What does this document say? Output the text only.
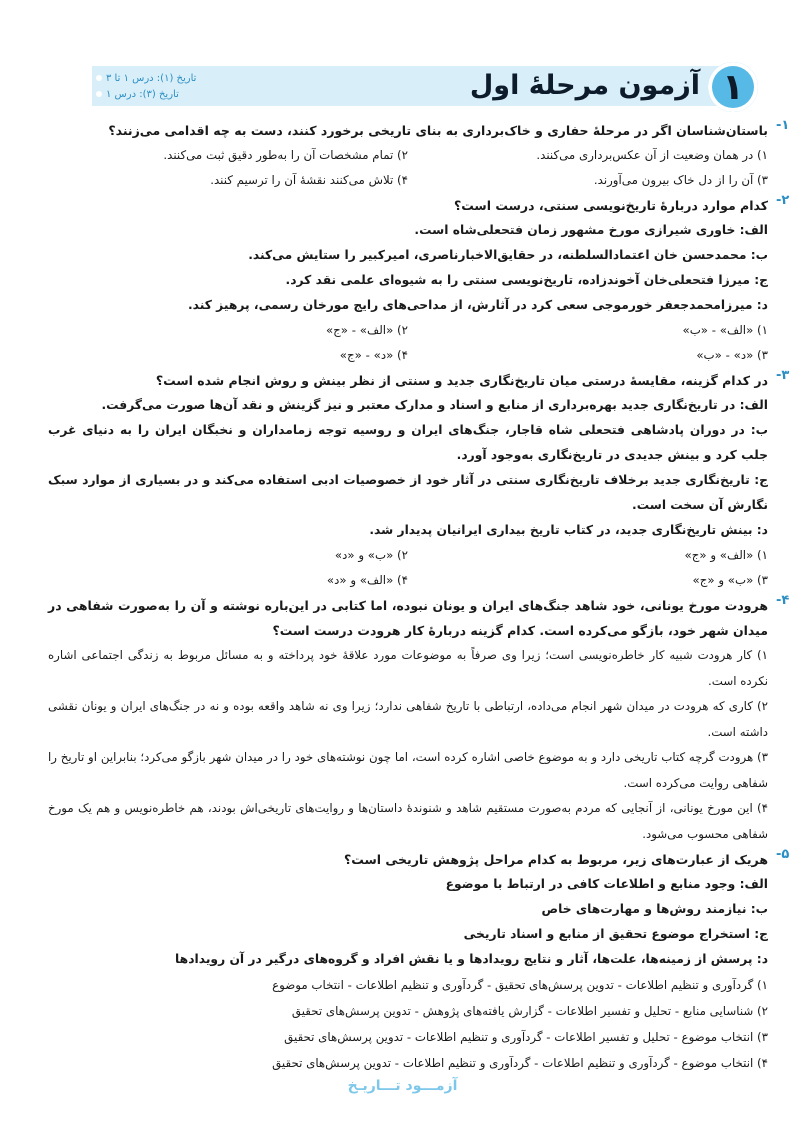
آزمون مرحلهٔ اول ۱
تاریخ (۱): درس ۱ تا ۳
تاریخ (۳): درس ۱
-۱
باستان‌شناسان اگر در مرحلهٔ حفاری و خاک‌برداری به بنای تاریخی برخورد کنند، دست به چه اقدامی می‌زنند؟
۱) در همان وضعیت از آن عکس‌برداری می‌کنند.
۲) تمام مشخصات آن را به‌طور دقیق ثبت می‌کنند.
۳) آن را از دل خاک بیرون می‌آورند.
۴) تلاش می‌کنند نقشهٔ آن را ترسیم کنند.
-۲
کدام موارد دربارهٔ تاریخ‌نویسی سنتی، درست است؟
الف: خاوری شیرازی مورخ مشهور زمان فتحعلی‌شاه است.
ب: محمدحسن خان اعتمادالسلطنه، در حقایق‌الاخبارناصری، امیرکبیر را ستایش می‌کند.
ج: میرزا فتحعلی‌خان آخوندزاده، تاریخ‌نویسی سنتی را به شیوه‌ای علمی نقد کرد.
د: میرزامحمدجعفر خورموجی سعی کرد در آثارش، از مداحی‌های رایج مورخان رسمی، پرهیز کند.
۱) «الف» - «ب»
۲) «الف» - «ج»
۳) «د» - «ب»
۴) «د» - «ج»
-۳
در کدام گزینه، مقایسهٔ درستی میان تاریخ‌نگاری جدید و سنتی از نظر بینش و روش انجام شده است؟
الف: در تاریخ‌نگاری جدید بهره‌برداری از منابع و اسناد و مدارک معتبر و نیز گزینش و نقد آن‌ها صورت می‌گرفت.
ب: در دوران پادشاهی فتحعلی شاه قاجار، جنگ‌های ایران و روسیه توجه زمامداران و نخبگان ایران را به دنیای غرب جلب کرد و بینش جدیدی در تاریخ‌نگاری به‌وجود آورد.
ج: تاریخ‌نگاری جدید برخلاف تاریخ‌نگاری سنتی در آثار خود از خصوصیات ادبی استفاده می‌کند و در بسیاری از موارد سبک نگارش آن سخت است.
د: بینش تاریخ‌نگاری جدید، در کتاب تاریخ بیداری ایرانیان پدیدار شد.
۱) «الف» و «ج»
۲) «ب» و «د»
۳) «ب» و «ج»
۴) «الف» و «د»
-۴
هرودت مورخ یونانی، خود شاهد جنگ‌های ایران و یونان نبوده، اما کتابی در این‌باره نوشته و آن را به‌صورت شفاهی در میدان شهر خود، بازگو می‌کرده است. کدام گزینه دربارهٔ کار هرودت درست است؟
۱) کار هرودت شبیه کار خاطره‌نویسی است؛ زیرا وی صرفاً به موضوعات مورد علاقهٔ خود پرداخته و به مسائل مربوط به زندگی اجتماعی اشاره نکرده است.
۲) کاری که هرودت در میدان شهر انجام می‌داده، ارتباطی با تاریخ شفاهی ندارد؛ زیرا وی نه شاهد واقعه بوده و نه در جنگ‌های ایران و یونان نقشی داشته است.
۳) هرودت گرچه کتاب تاریخی دارد و به موضوع خاصی اشاره کرده است، اما چون نوشته‌های خود را در میدان شهر بازگو می‌کرد؛ بنابراین او تاریخ را شفاهی روایت می‌کرده است.
۴) این مورخ یونانی، از آنجایی که مردم به‌صورت مستقیم شاهد و شنوندهٔ داستان‌ها و روایت‌های تاریخی‌اش بودند، هم خاطره‌نویس و هم یک مورخ شفاهی محسوب می‌شود.
-۵
هریک از عبارت‌های زیر، مربوط به کدام مراحل پژوهش تاریخی است؟
الف: وجود منابع و اطلاعات کافی در ارتباط با موضوع
ب: نیازمند روش‌ها و مهارت‌های خاص
ج: استخراج موضوع تحقیق از منابع و اسناد تاریخی
د: پرسش از زمینه‌ها، علت‌ها، آثار و نتایج رویدادها و یا نقش افراد و گروه‌های درگیر در آن رویدادها
۱) گردآوری و تنظیم اطلاعات - تدوین پرسش‌های تحقیق - گردآوری و تنظیم اطلاعات - انتخاب موضوع
۲) شناسایی منابع - تحلیل و تفسیر اطلاعات - گزارش یافته‌های پژوهش - تدوین پرسش‌های تحقیق
۳) انتخاب موضوع - تحلیل و تفسیر اطلاعات - گردآوری و تنظیم اطلاعات - تدوین پرسش‌های تحقیق
۴) انتخاب موضوع - گردآوری و تنظیم اطلاعات - گردآوری و تنظیم اطلاعات - تدوین پرسش‌های تحقیق
آزمـــود تـــاریـخ
